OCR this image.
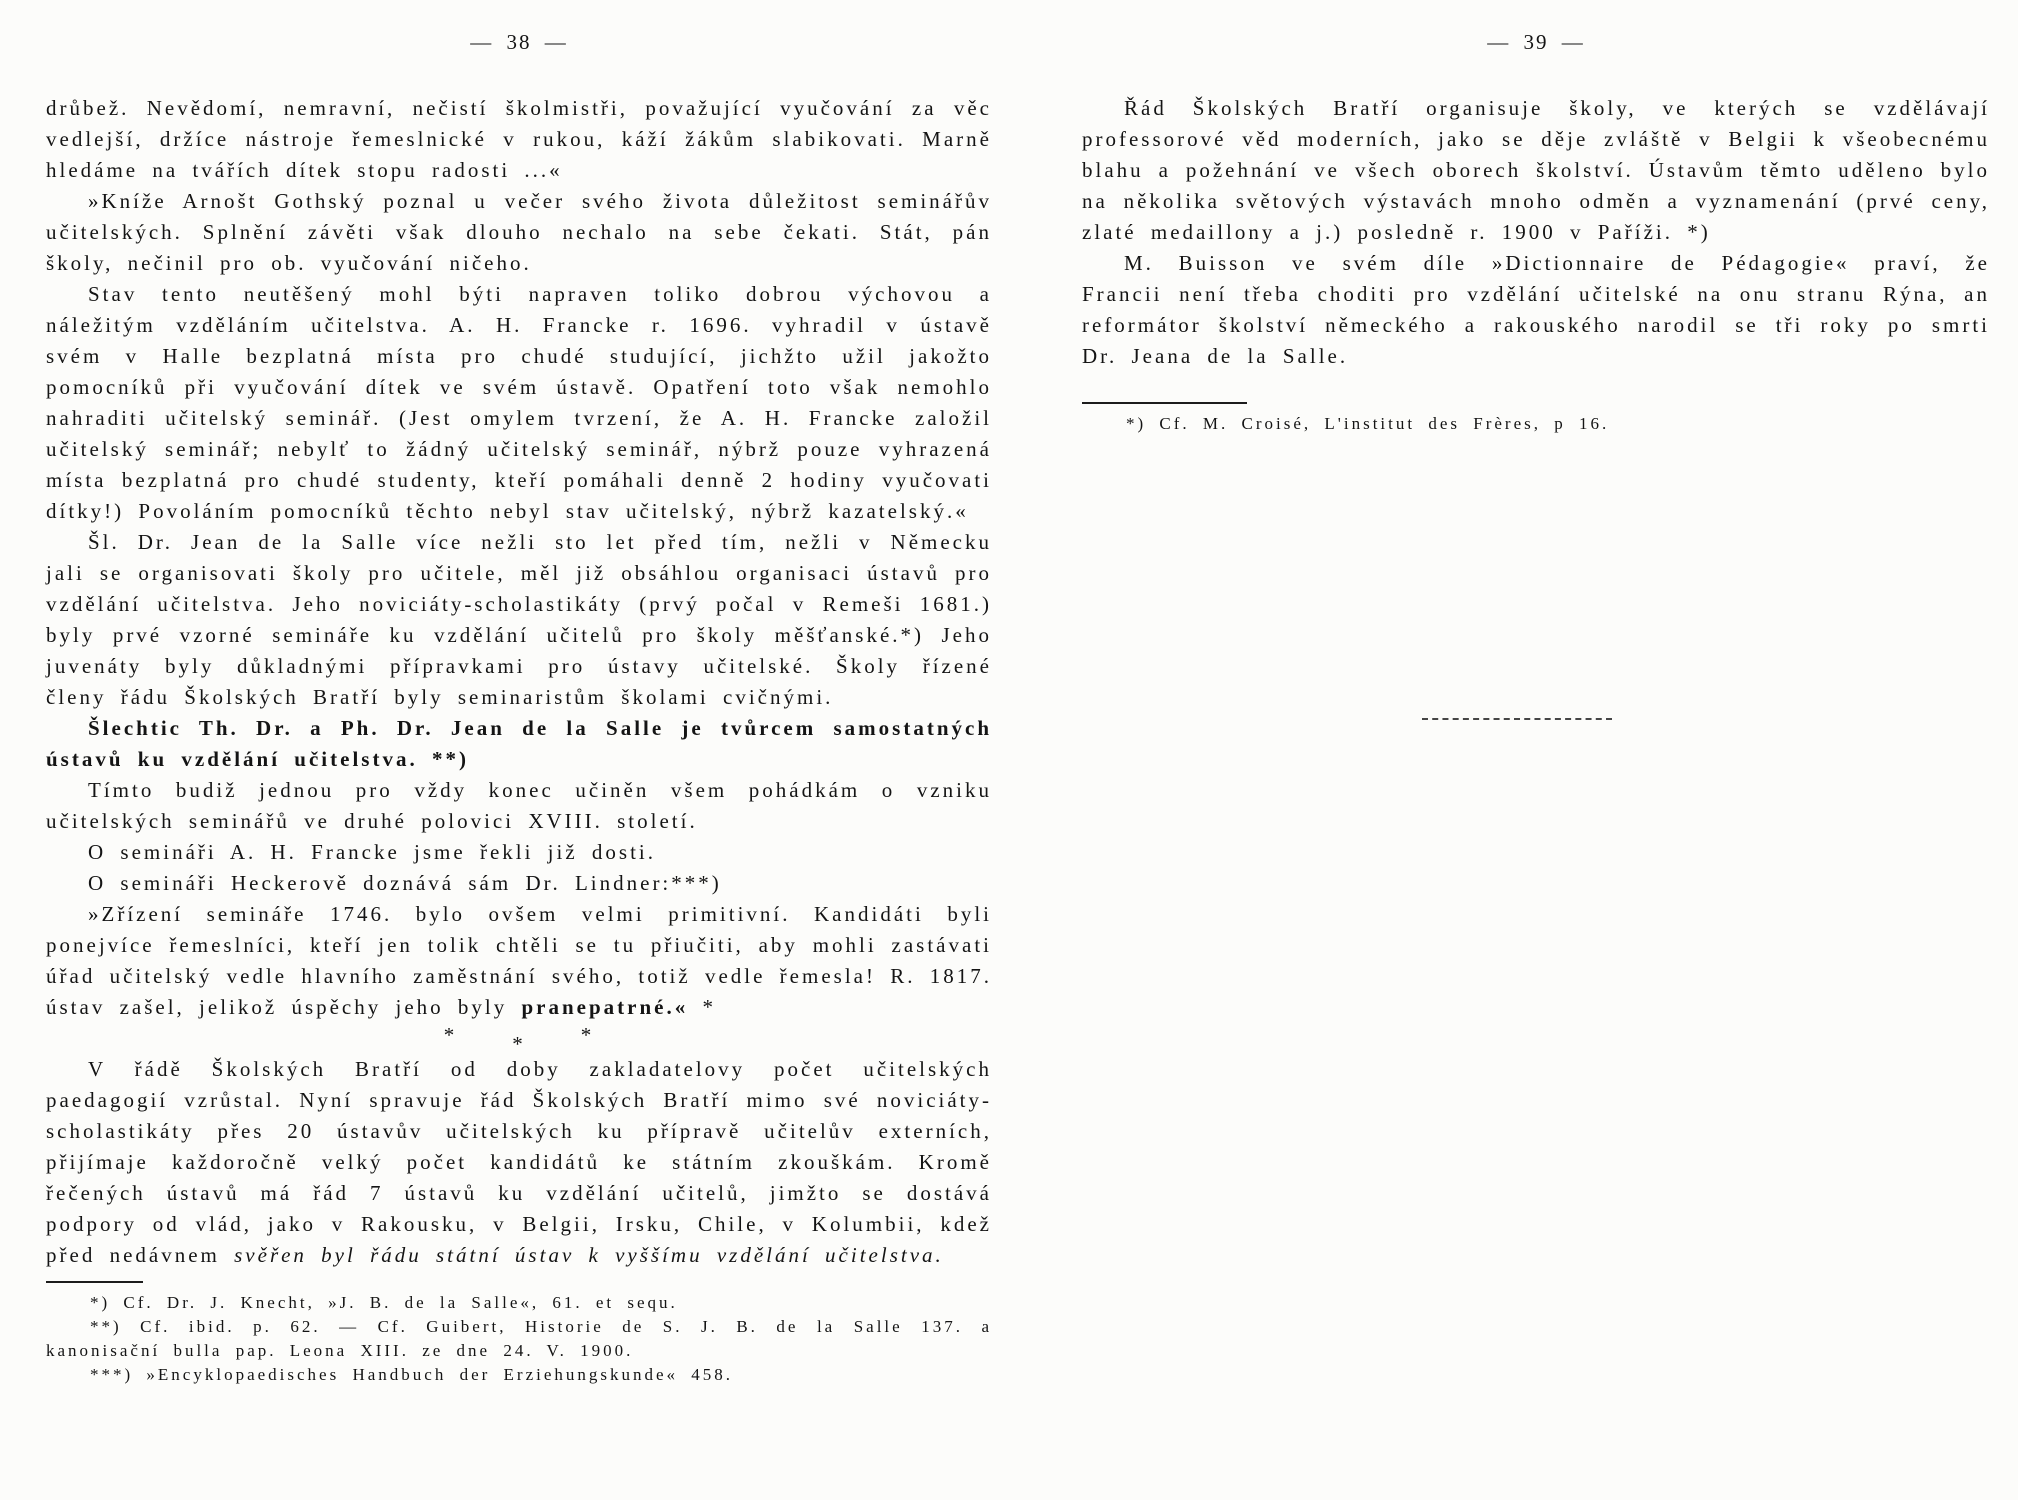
— 38 —

drůbež. Nevědomí, nemravní, nečistí školmistři, považující vyučování za věc vedlejší, držíce nástroje řemeslnické v rukou, káží žákům slabikovati. Marně hledáme na tvářích dítek stopu radosti ...«

»Kníže Arnošt Gothský poznal u večer svého života důležitost seminářův učitelských. Splnění závěti však dlouho nechalo na sebe čekati. Stát, pán školy, nečinil pro ob. vyučování ničeho.

Stav tento neutěšený mohl býti napraven toliko dobrou výchovou a náležitým vzděláním učitelstva. A. H. Francke r. 1696. vyhradil v ústavě svém v Halle bezplatná místa pro chudé studující, jichžto užil jakožto pomocníků při vyučování dítek ve svém ústavě. Opatření toto však nemohlo nahraditi učitelský seminář. (Jest omylem tvrzení, že A. H. Francke založil učitelský seminář; nebylť to žádný učitelský seminář, nýbrž pouze vyhrazená místa bezplatná pro chudé studenty, kteří pomáhali denně 2 hodiny vyučovati dítky!) Povoláním pomocníků těchto nebyl stav učitelský, nýbrž kazatelský.«

Šl. Dr. Jean de la Salle více nežli sto let před tím, nežli v Německu jali se organisovati školy pro učitele, měl již obsáhlou organisaci ústavů pro vzdělání učitelstva. Jeho noviciáty-scholastikáty (prvý počal v Remeši 1681.) byly prvé vzorné semináře ku vzdělání učitelů pro školy měšťanské.*) Jeho juvenáty byly důkladnými přípravkami pro ústavy učitelské. Školy řízené členy řádu Školských Bratří byly seminaristům školami cvičnými.

Šlechtic Th. Dr. a Ph. Dr. Jean de la Salle je tvůrcem samostatných ústavů ku vzdělání učitelstva. **)

Tímto budiž jednou pro vždy konec učiněn všem pohádkám o vzniku učitelských seminářů ve druhé polovici XVIII. století.

O semináři A. H. Francke jsme řekli již dosti.

O semináři Heckerově doznává sám Dr. Lindner:***)

»Zřízení semináře 1746. bylo ovšem velmi primitivní. Kandidáti byli ponejvíce řemeslníci, kteří jen tolik chtěli se tu přiučiti, aby mohli zastávati úřad učitelský vedle hlavního zaměstnání svého, totiž vedle řemesla! R. 1817. ústav zašel, jelikož úspěchy jeho byly pranepatrné.« *

*	*	*

V řádě Školských Bratří od doby zakladatelovy počet učitelských paedagogií vzrůstal. Nyní spravuje řád Školských Bratří mimo své noviciáty-scholastikáty přes 20 ústavův učitelských ku přípravě učitelův externích, přijímaje každoročně velký počet kandidátů ke státním zkouškám. Kromě řečených ústavů má řád 7 ústavů ku vzdělání učitelů, jimžto se dostává podpory od vlád, jako v Rakousku, v Belgii, Irsku, Chile, v Kolumbii, kdež před nedávnem svěřen byl řádu státní ústav k vyššímu vzdělání učitelstva.

*) Cf. Dr. J. Knecht, »J. B. de la Salle«, 61. et sequ.

**) Cf. ibid. p. 62. — Cf. Guibert, Historie de S. J. B. de la Salle 137. a kanonisační bulla pap. Leona XIII. ze dne 24. V. 1900.

***) »Encyklopaedisches Handbuch der Erziehungskunde« 458.

— 39 —

Řád Školských Bratří organisuje školy, ve kterých se vzdělávají professorové věd moderních, jako se děje zvláště v Belgii k všeobecnému blahu a požehnání ve všech oborech školství. Ústavům těmto uděleno bylo na několika světových výstavách mnoho odměn a vyznamenání (prvé ceny, zlaté medaillony a j.) posledně r. 1900 v Paříži. *)

M. Buisson ve svém díle »Dictionnaire de Pédagogie« praví, že Francii není třeba choditi pro vzdělání učitelské na onu stranu Rýna, an reformátor školství německého a rakouského narodil se tři roky po smrti Dr. Jeana de la Salle.

*) Cf. M. Croisé, L'institut des Frères, p 16.
